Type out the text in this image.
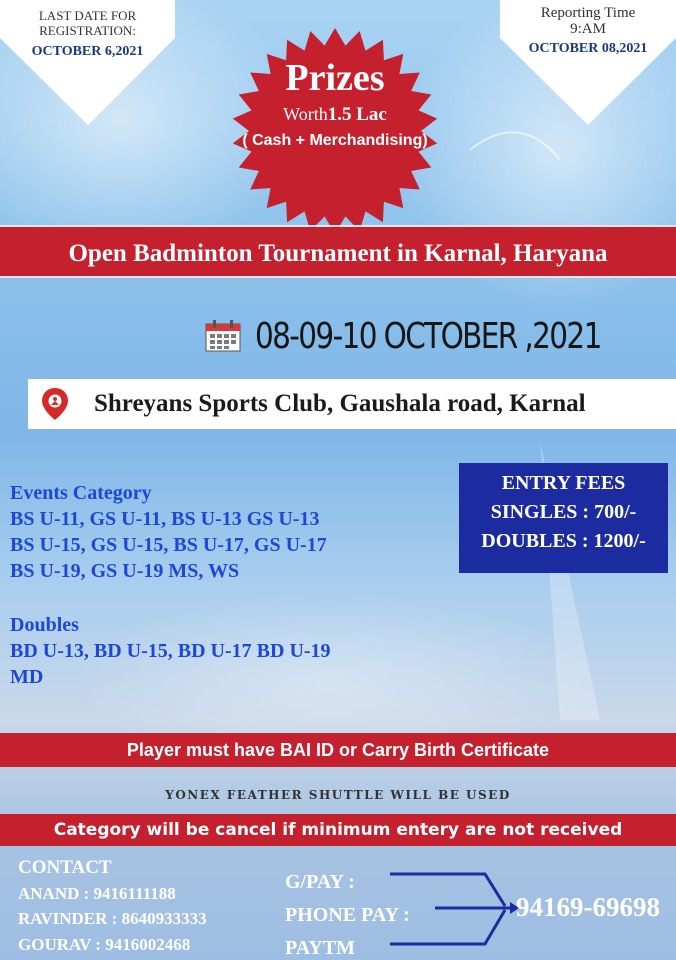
LAST DATE FOR REGISTRATION:
OCTOBER 6,2021
Reporting Time
9:AM
OCTOBER 08,2021
Prizes
Worth1.5 Lac
( Cash + Merchandising)
Open Badminton Tournament in Karnal, Haryana
08-09-10 OCTOBER ,2021
Shreyans Sports Club, Gaushala road, Karnal
Events Category
BS U-11, GS U-11, BS U-13 GS U-13
BS U-15, GS U-15, BS U-17, GS U-17
BS U-19, GS U-19 MS, WS
Doubles
BD U-13, BD U-15, BD U-17 BD U-19
MD
ENTRY FEES
SINGLES : 700/-
DOUBLES : 1200/-
Player must have BAI ID or Carry Birth Certificate
YONEX FEATHER SHUTTLE WILL BE USED
Category will be cancel if minimum entery are not received
CONTACT
ANAND : 9416111188
RAVINDER : 8640933333
GOURAV : 9416002468
G/PAY :
PHONE PAY :
PAYTM
94169-69698
